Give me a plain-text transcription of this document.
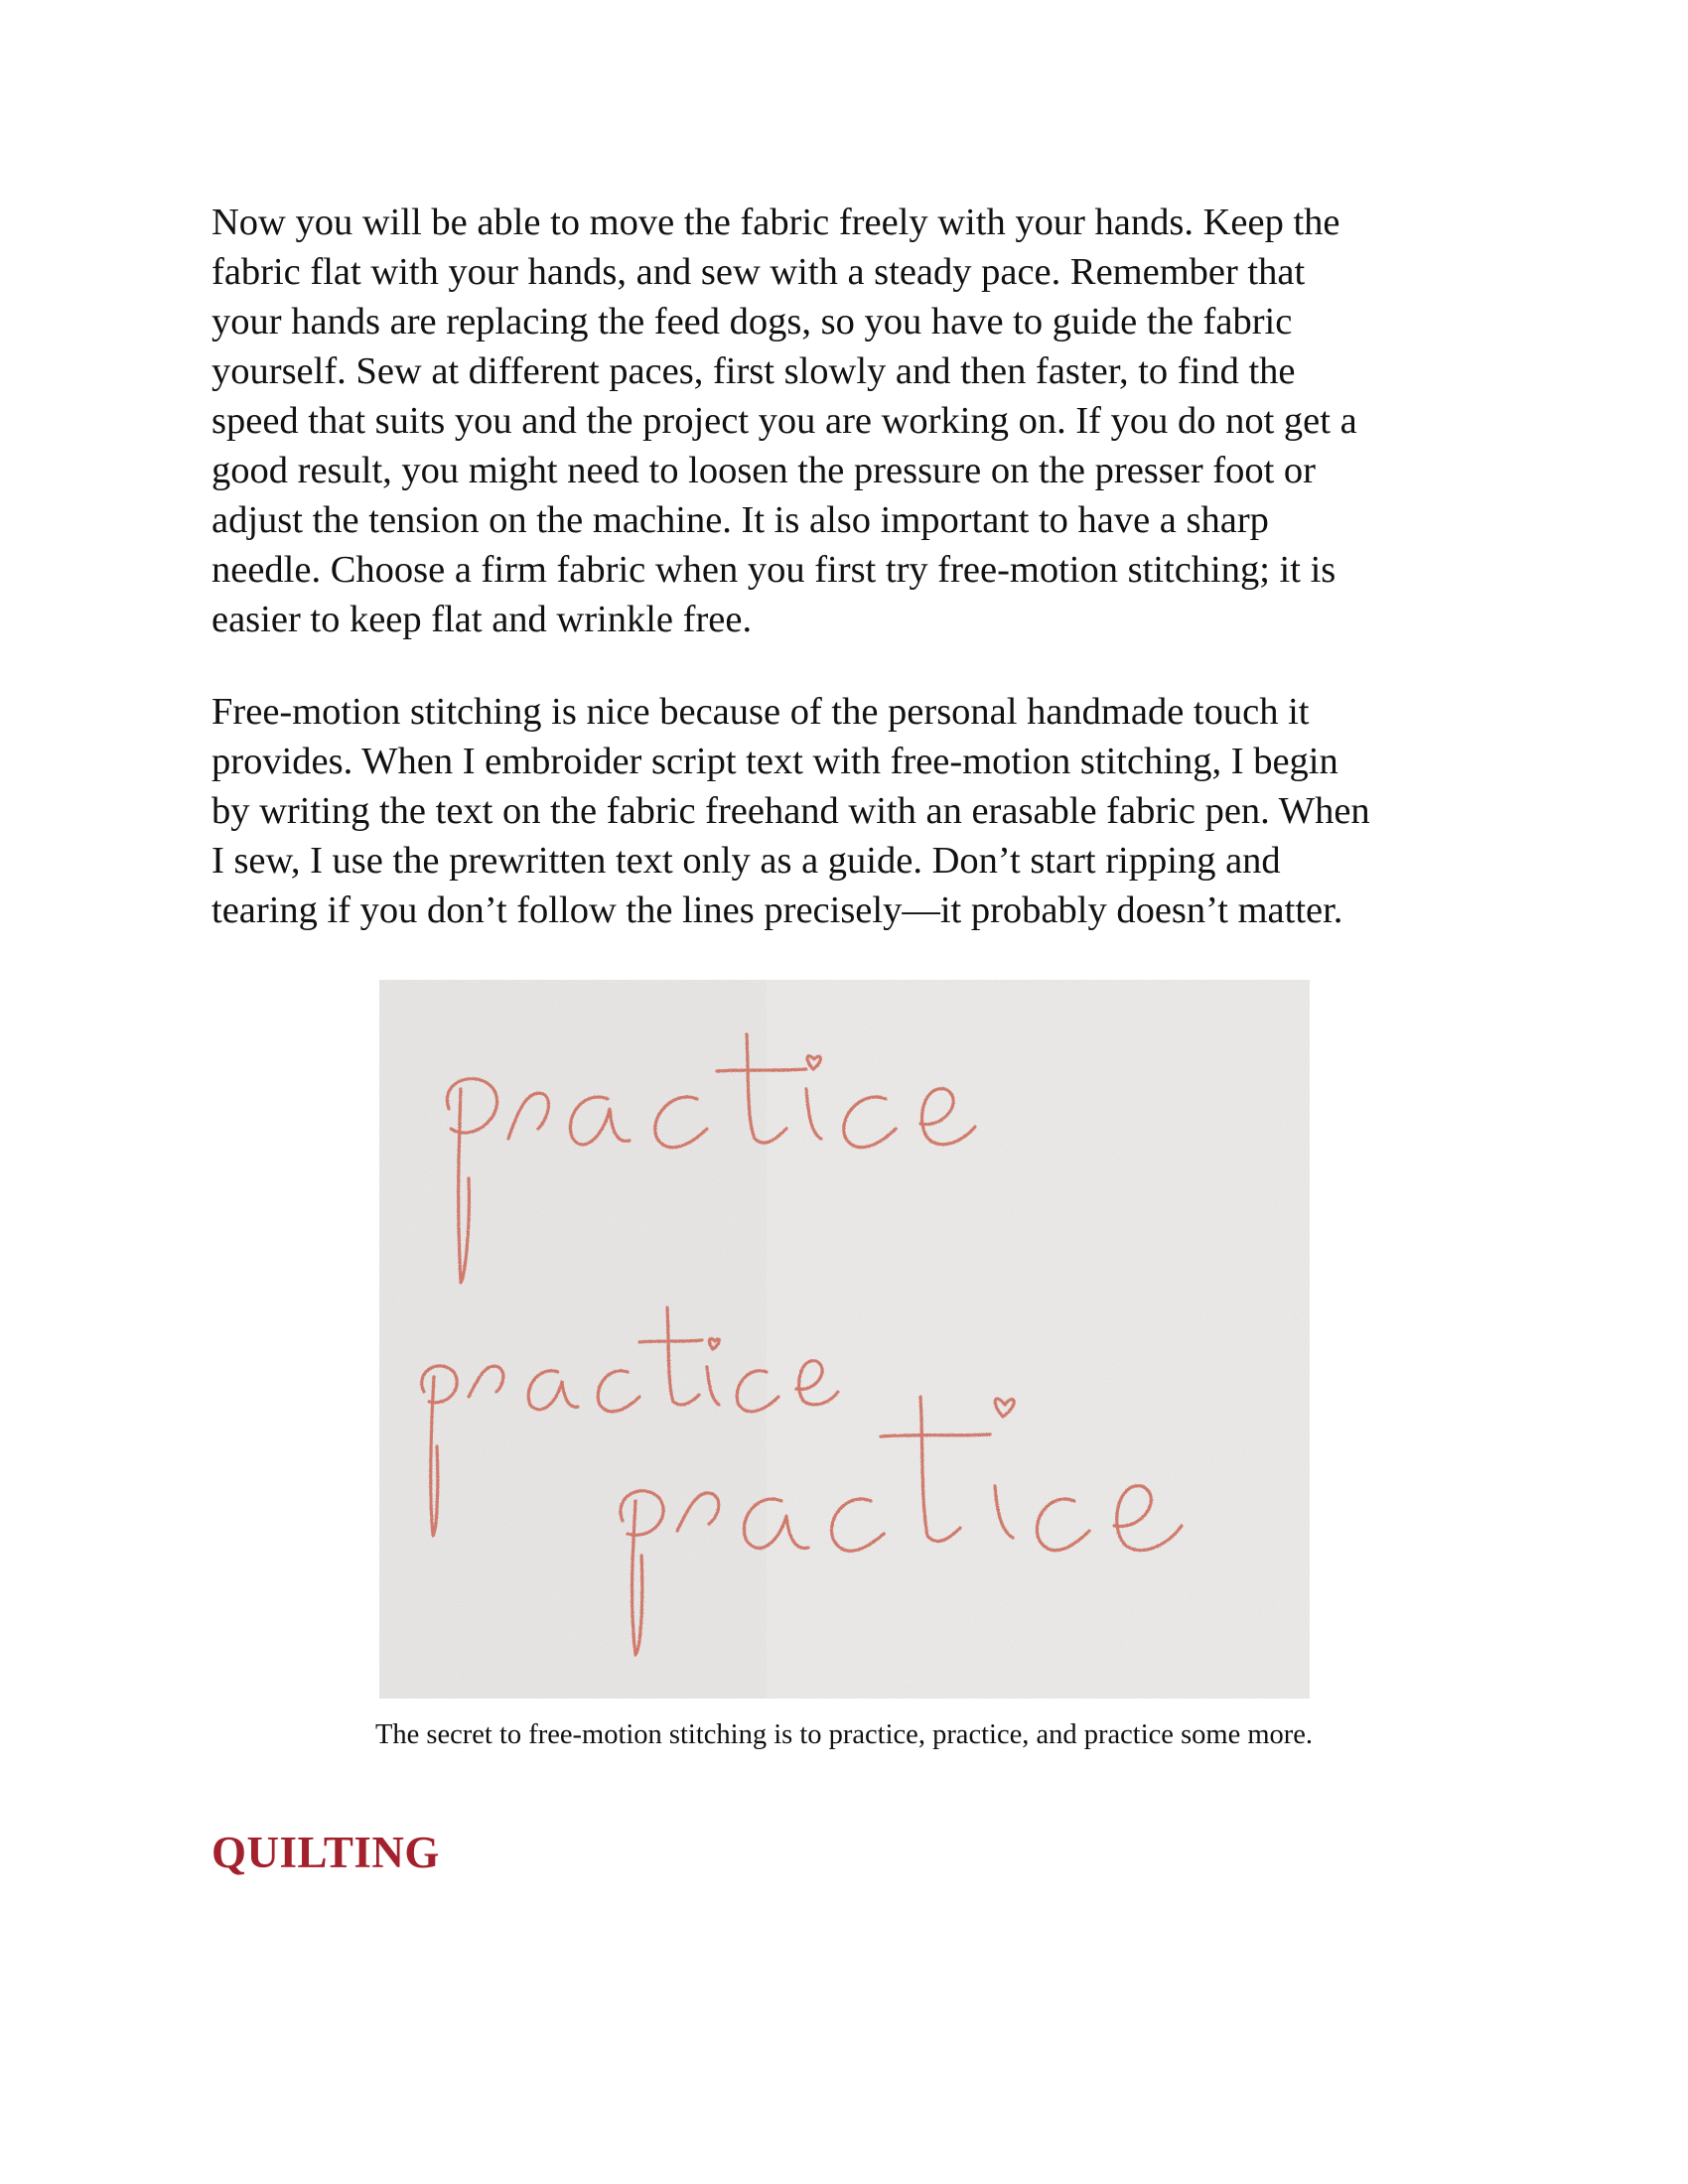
Now you will be able to move the fabric freely with your hands. Keep the
fabric flat with your hands, and sew with a steady pace. Remember that
your hands are replacing the feed dogs, so you have to guide the fabric
yourself. Sew at different paces, first slowly and then faster, to find the
speed that suits you and the project you are working on. If you do not get a
good result, you might need to loosen the pressure on the presser foot or
adjust the tension on the machine. It is also important to have a sharp
needle. Choose a firm fabric when you first try free-motion stitching; it is
easier to keep flat and wrinkle free.

Free-motion stitching is nice because of the personal handmade touch it
provides. When I embroider script text with free-motion stitching, I begin
by writing the text on the fabric freehand with an erasable fabric pen. When
I sew, I use the prewritten text only as a guide. Don’t start ripping and
tearing if you don’t follow the lines precisely—it probably doesn’t matter.

The secret to free-motion stitching is to practice, practice, and practice some more.

QUILTING
